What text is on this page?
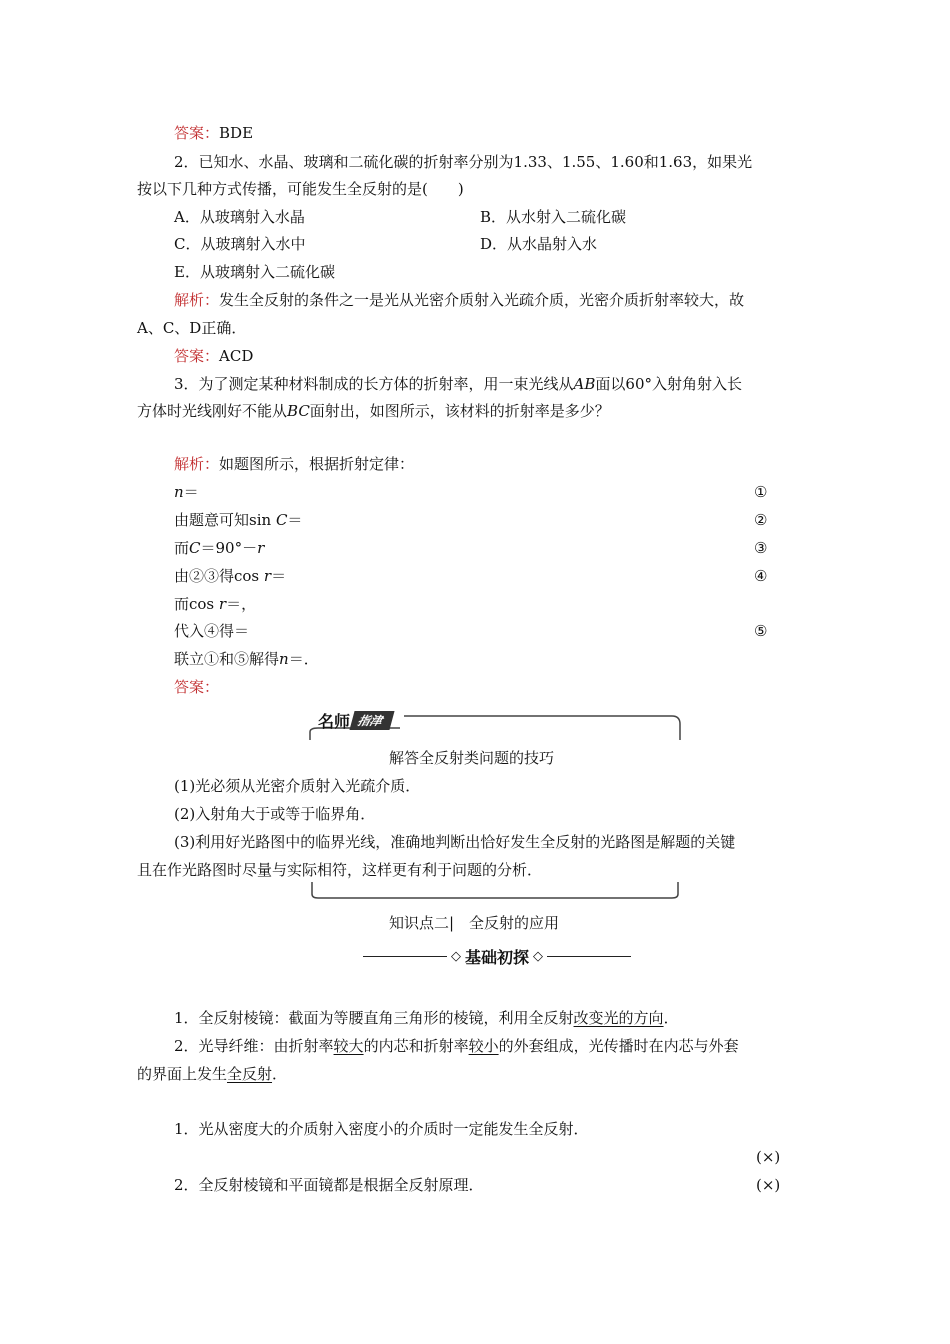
答案：BDE
2．已知水、水晶、玻璃和二硫化碳的折射率分别为1.33、1.55、1.60和1.63，如果光
按以下几种方式传播，可能发生全反射的是(　　)
A．从玻璃射入水晶	B．从水射入二硫化碳
C．从玻璃射入水中	D．从水晶射入水
E．从玻璃射入二硫化碳
解析：发生全反射的条件之一是光从光密介质射入光疏介质，光密介质折射率较大，故
A、C、D正确．
答案：ACD
3．为了测定某种材料制成的长方体的折射率，用一束光线从AB面以60°入射角射入长
方体时光线刚好不能从BC面射出，如图所示，该材料的折射率是多少？
解析：如题图所示，根据折射定律：
n＝	①
由题意可知sin C＝	②
而C＝90°－r	③
由②③得cos r＝	④
而cos r＝，
代入④得＝	⑤
联立①和⑤解得n＝．
答案：
名师 指津
解答全反射类问题的技巧
(1)光必须从光密介质射入光疏介质．
(2)入射角大于或等于临界角．
(3)利用好光路图中的临界光线，准确地判断出恰好发生全反射的光路图是解题的关键
且在作光路图时尽量与实际相符，这样更有利于问题的分析．
知识点二|　全反射的应用
◇ 基础初探 ◇
1．全反射棱镜：截面为等腰直角三角形的棱镜，利用全反射改变光的方向．
2．光导纤维：由折射率较大的内芯和折射率较小的外套组成，光传播时在内芯与外套
的界面上发生全反射．
1．光从密度大的介质射入密度小的介质时一定能发生全反射．
(×)
2．全反射棱镜和平面镜都是根据全反射原理．	(×)
